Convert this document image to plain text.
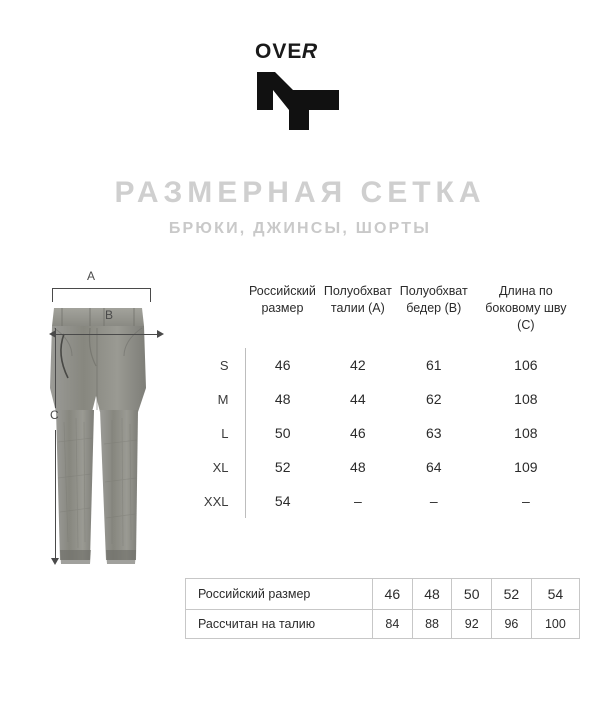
OVER
РАЗМЕРНАЯ СЕТКА
БРЮКИ, ДЖИНСЫ, ШОРТЫ
A
B
C

Российский
размер

Полуобхват
талии (A)

Полуобхват
бедер (B)

Длина по
боковому шву (C)

S	46	42	61	106
M	48	44	62	108
L	50	46	63	108
XL	52	48	64	109
XXL	54	–	–	–
Российский размер	46	48	50	52	54
Рассчитан на талию	84	88	92	96	100
